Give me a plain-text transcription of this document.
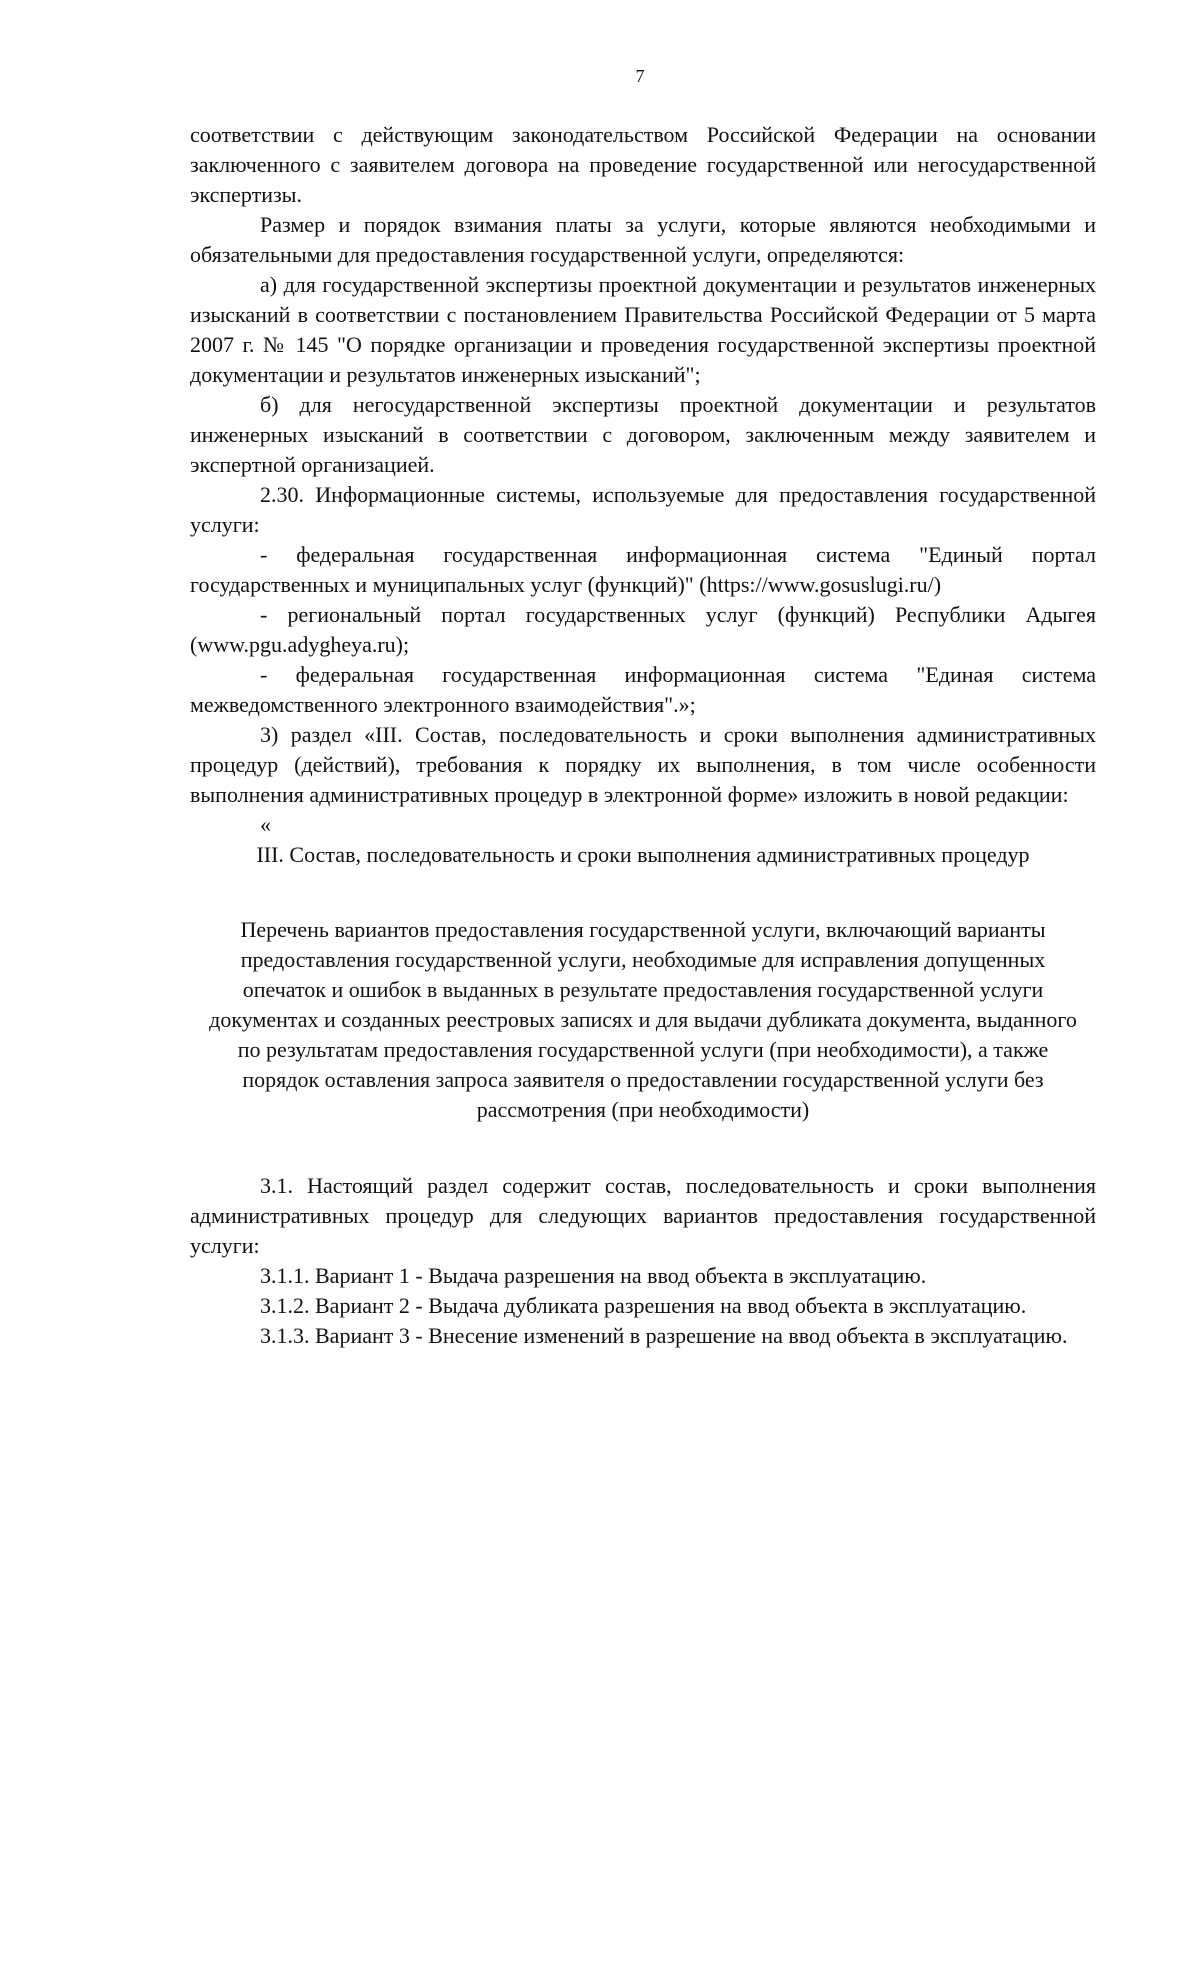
7

соответствии с действующим законодательством Российской Федерации на основании заключенного с заявителем договора на проведение государственной или негосударственной экспертизы.

Размер и порядок взимания платы за услуги, которые являются необходимыми и обязательными для предоставления государственной услуги, определяются:

а) для государственной экспертизы проектной документации и результатов инженерных изысканий в соответствии с постановлением Правительства Российской Федерации от 5 марта 2007 г. № 145 "О порядке организации и проведения государственной экспертизы проектной документации и результатов инженерных изысканий";

б) для негосударственной экспертизы проектной документации и результатов инженерных изысканий в соответствии с договором, заключенным между заявителем и экспертной организацией.

2.30. Информационные системы, используемые для предоставления государственной услуги:

- федеральная государственная информационная система "Единый портал государственных и муниципальных услуг (функций)" (https://www.gosuslugi.ru/)

- региональный портал государственных услуг (функций) Республики Адыгея (www.pgu.adygheya.ru);

- федеральная государственная информационная система "Единая система межведомственного электронного взаимодействия".»;

3) раздел «III. Состав, последовательность и сроки выполнения административных процедур (действий), требования к порядку их выполнения, в том числе особенности выполнения административных процедур в электронной форме» изложить в новой редакции:

«

III. Состав, последовательность и сроки выполнения административных процедур

Перечень вариантов предоставления государственной услуги, включающий варианты предоставления государственной услуги, необходимые для исправления допущенных опечаток и ошибок в выданных в результате предоставления государственной услуги документах и созданных реестровых записях и для выдачи дубликата документа, выданного по результатам предоставления государственной услуги (при необходимости), а также порядок оставления запроса заявителя о предоставлении государственной услуги без рассмотрения (при необходимости)

3.1. Настоящий раздел содержит состав, последовательность и сроки выполнения административных процедур для следующих вариантов предоставления государственной услуги:

3.1.1. Вариант 1 - Выдача разрешения на ввод объекта в эксплуатацию.

3.1.2. Вариант 2 - Выдача дубликата разрешения на ввод объекта в эксплуатацию.

3.1.3. Вариант 3 - Внесение изменений в разрешение на ввод объекта в эксплуатацию.
